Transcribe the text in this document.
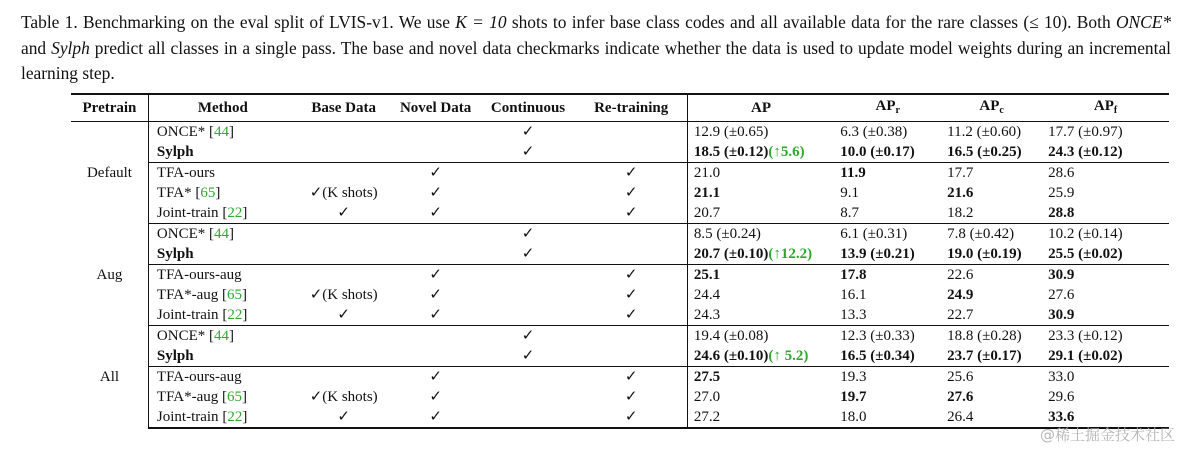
Table 1. Benchmarking on the eval split of LVIS-v1. We use K = 10 shots to infer base class codes and all available data for the rare classes (≤ 10). Both ONCE* and Sylph predict all classes in a single pass. The base and novel data checkmarks indicate whether the data is used to update model weights during an incremental learning step.
Pretrain	Method	Base Data	Novel Data	Continuous	Re-training	AP	$AP_r$	$AP_c$	$AP_f$
Default	ONCE* [44]			✓		12.9 (±0.65)	6.3 (±0.38)	11.2 (±0.60)	17.7 (±0.97)
	Sylph			✓		18.5 (±0.12)(↑5.6)	10.0 (±0.17)	16.5 (±0.25)	24.3 (±0.12)
	TFA-ours		✓		✓	21.0	11.9	17.7	28.6
	TFA* [65]	✓(K shots)	✓		✓	21.1	9.1	21.6	25.9
	Joint-train [22]	✓	✓		✓	20.7	8.7	18.2	28.8
Aug	ONCE* [44]			✓		8.5 (±0.24)	6.1 (±0.31)	7.8 (±0.42)	10.2 (±0.14)
	Sylph			✓		20.7 (±0.10)(↑12.2)	13.9 (±0.21)	19.0 (±0.19)	25.5 (±0.02)
	TFA-ours-aug		✓		✓	25.1	17.8	22.6	30.9
	TFA*-aug [65]	✓(K shots)	✓		✓	24.4	16.1	24.9	27.6
	Joint-train [22]	✓	✓		✓	24.3	13.3	22.7	30.9
All	ONCE* [44]			✓		19.4 (±0.08)	12.3 (±0.33)	18.8 (±0.28)	23.3 (±0.12)
	Sylph			✓		24.6 (±0.10)(↑ 5.2)	16.5 (±0.34)	23.7 (±0.17)	29.1 (±0.02)
	TFA-ours-aug		✓		✓	27.5	19.3	25.6	33.0
	TFA*-aug [65]	✓(K shots)	✓		✓	27.0	19.7	27.6	29.6
	Joint-train [22]	✓	✓		✓	27.2	18.0	26.4	33.6
@稀土掘金技术社区
